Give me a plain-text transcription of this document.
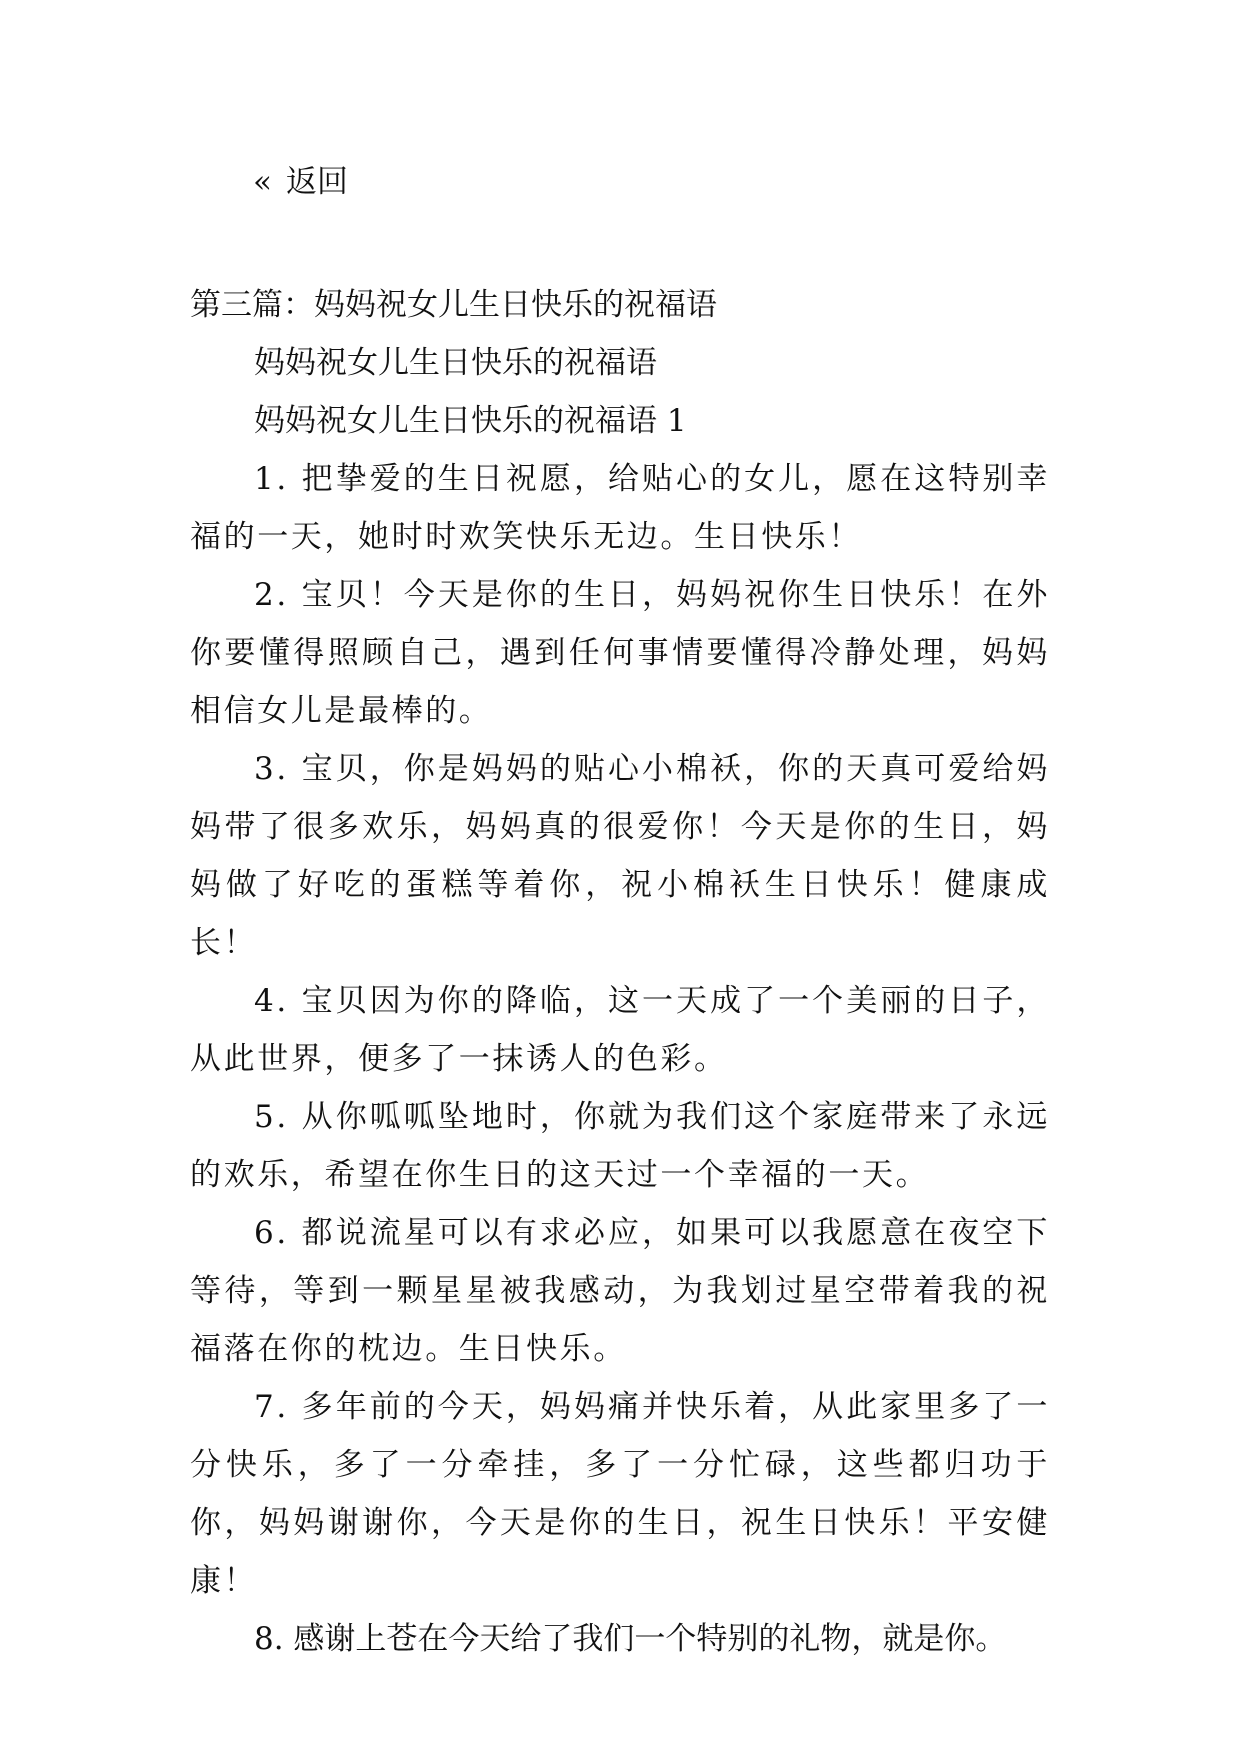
« 返回

第三篇：妈妈祝女儿生日快乐的祝福语

妈妈祝女儿生日快乐的祝福语

妈妈祝女儿生日快乐的祝福语 1

1. 把挚爱的生日祝愿，给贴心的女儿，愿在这特别幸福的一天，她时时欢笑快乐无边。生日快乐！

2. 宝贝！今天是你的生日，妈妈祝你生日快乐！在外你要懂得照顾自己，遇到任何事情要懂得冷静处理，妈妈相信女儿是最棒的。

3. 宝贝，你是妈妈的贴心小棉袄，你的天真可爱给妈妈带了很多欢乐，妈妈真的很爱你！今天是你的生日，妈妈做了好吃的蛋糕等着你，祝小棉袄生日快乐！健康成长！

4. 宝贝因为你的降临，这一天成了一个美丽的日子，从此世界，便多了一抹诱人的色彩。

5. 从你呱呱坠地时，你就为我们这个家庭带来了永远的欢乐，希望在你生日的这天过一个幸福的一天。

6. 都说流星可以有求必应，如果可以我愿意在夜空下等待，等到一颗星星被我感动，为我划过星空带着我的祝福落在你的枕边。生日快乐。

7. 多年前的今天，妈妈痛并快乐着，从此家里多了一分快乐，多了一分牵挂，多了一分忙碌，这些都归功于你，妈妈谢谢你，今天是你的生日，祝生日快乐！平安健康！

8. 感谢上苍在今天给了我们一个特别的礼物，就是你。
